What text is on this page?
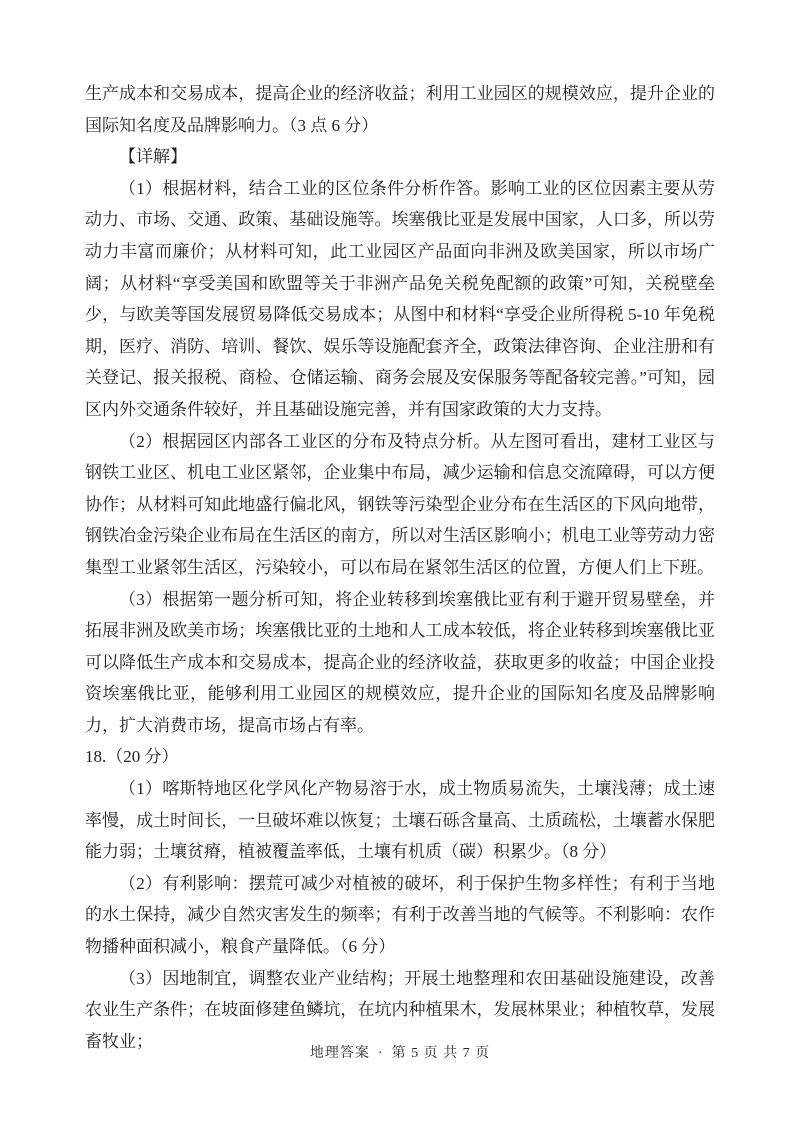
生产成本和交易成本，提高企业的经济收益；利用工业园区的规模效应，提升企业的国际知名度及品牌影响力。（3 点 6 分）

【详解】

（1）根据材料，结合工业的区位条件分析作答。影响工业的区位因素主要从劳动力、市场、交通、政策、基础设施等。埃塞俄比亚是发展中国家，人口多，所以劳动力丰富而廉价；从材料可知，此工业园区产品面向非洲及欧美国家，所以市场广阔；从材料“享受美国和欧盟等关于非洲产品免关税免配额的政策”可知，关税壁垒少，与欧美等国发展贸易降低交易成本；从图中和材料“享受企业所得税 5-10 年免税期，医疗、消防、培训、餐饮、娱乐等设施配套齐全，政策法律咨询、企业注册和有关登记、报关报税、商检、仓储运输、商务会展及安保服务等配备较完善。”可知，园区内外交通条件较好，并且基础设施完善，并有国家政策的大力支持。

（2）根据园区内部各工业区的分布及特点分析。从左图可看出，建材工业区与钢铁工业区、机电工业区紧邻，企业集中布局，减少运输和信息交流障碍，可以方便协作；从材料可知此地盛行偏北风，钢铁等污染型企业分布在生活区的下风向地带，钢铁冶金污染企业布局在生活区的南方，所以对生活区影响小；机电工业等劳动力密集型工业紧邻生活区，污染较小，可以布局在紧邻生活区的位置，方便人们上下班。

（3）根据第一题分析可知，将企业转移到埃塞俄比亚有利于避开贸易壁垒，并拓展非洲及欧美市场；埃塞俄比亚的土地和人工成本较低，将企业转移到埃塞俄比亚可以降低生产成本和交易成本，提高企业的经济收益，获取更多的收益；中国企业投资埃塞俄比亚，能够利用工业园区的规模效应，提升企业的国际知名度及品牌影响力，扩大消费市场，提高市场占有率。

18.（20 分）

（1）喀斯特地区化学风化产物易溶于水，成土物质易流失，土壤浅薄；成土速率慢，成土时间长，一旦破坏难以恢复；土壤石砾含量高、土质疏松，土壤蓄水保肥能力弱；土壤贫瘠，植被覆盖率低，土壤有机质（碳）积累少。（8 分）

（2）有利影响：摆荒可减少对植被的破坏，利于保护生物多样性；有利于当地的水土保持，减少自然灾害发生的频率；有利于改善当地的气候等。不利影响：农作物播种面积减小，粮食产量降低。（6 分）

（3）因地制宜，调整农业产业结构；开展土地整理和农田基础设施建设，改善农业生产条件；在坡面修建鱼鳞坑，在坑内种植果木，发展林果业；种植牧草，发展畜牧业；

地理答案 · 第 5 页 共 7 页
